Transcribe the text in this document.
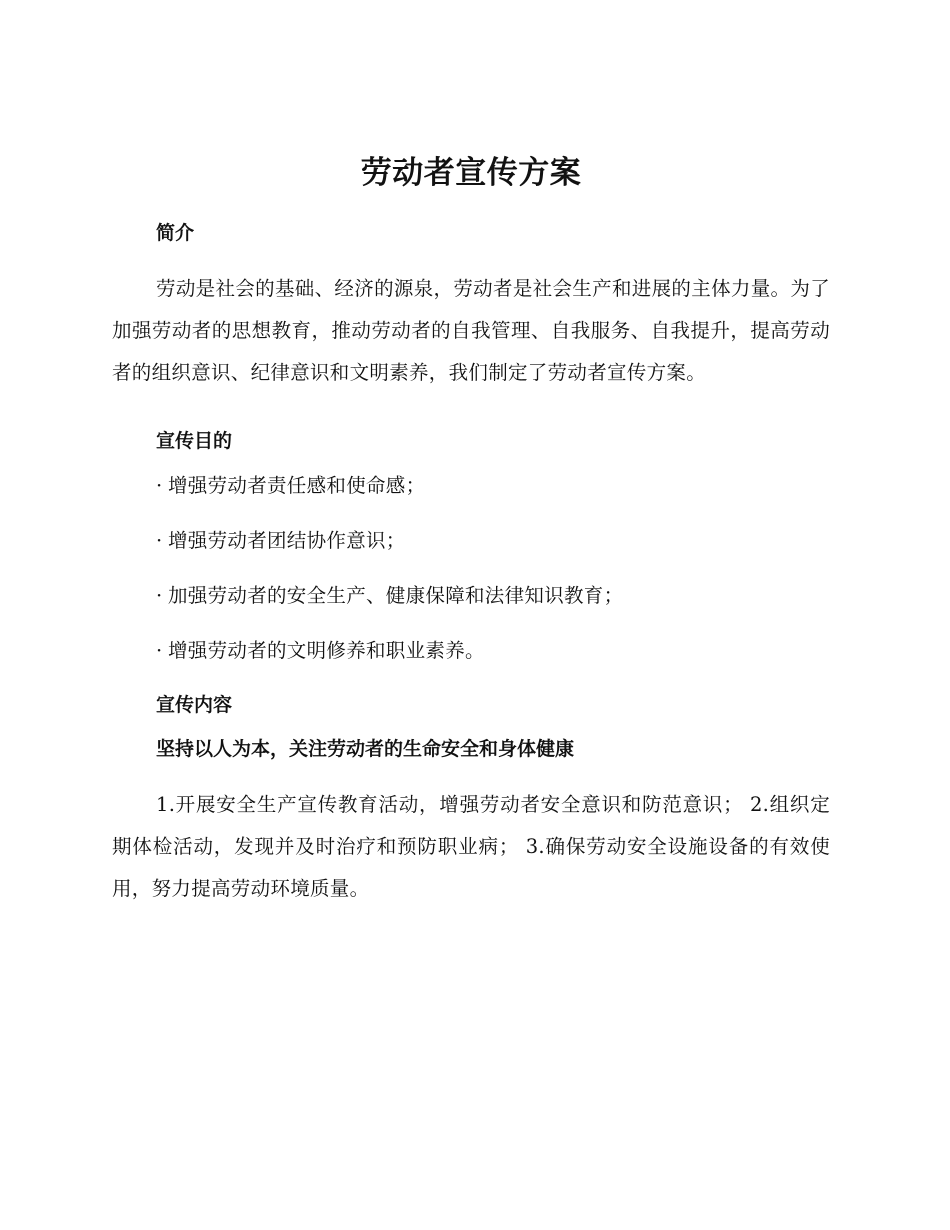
劳动者宣传方案
简介

劳动是社会的基础、经济的源泉，劳动者是社会生产和进展的主体力量。为了加强劳动者的思想教育，推动劳动者的自我管理、自我服务、自我提升，提高劳动者的组织意识、纪律意识和文明素养，我们制定了劳动者宣传方案。

宣传目的

· 增强劳动者责任感和使命感；

· 增强劳动者团结协作意识；

· 加强劳动者的安全生产、健康保障和法律知识教育；

· 增强劳动者的文明修养和职业素养。

宣传内容
坚持以人为本，关注劳动者的生命安全和身体健康

1.开展安全生产宣传教育活动，增强劳动者安全意识和防范意识； 2.组织定期体检活动，发现并及时治疗和预防职业病； 3.确保劳动安全设施设备的有效使用，努力提高劳动环境质量。
